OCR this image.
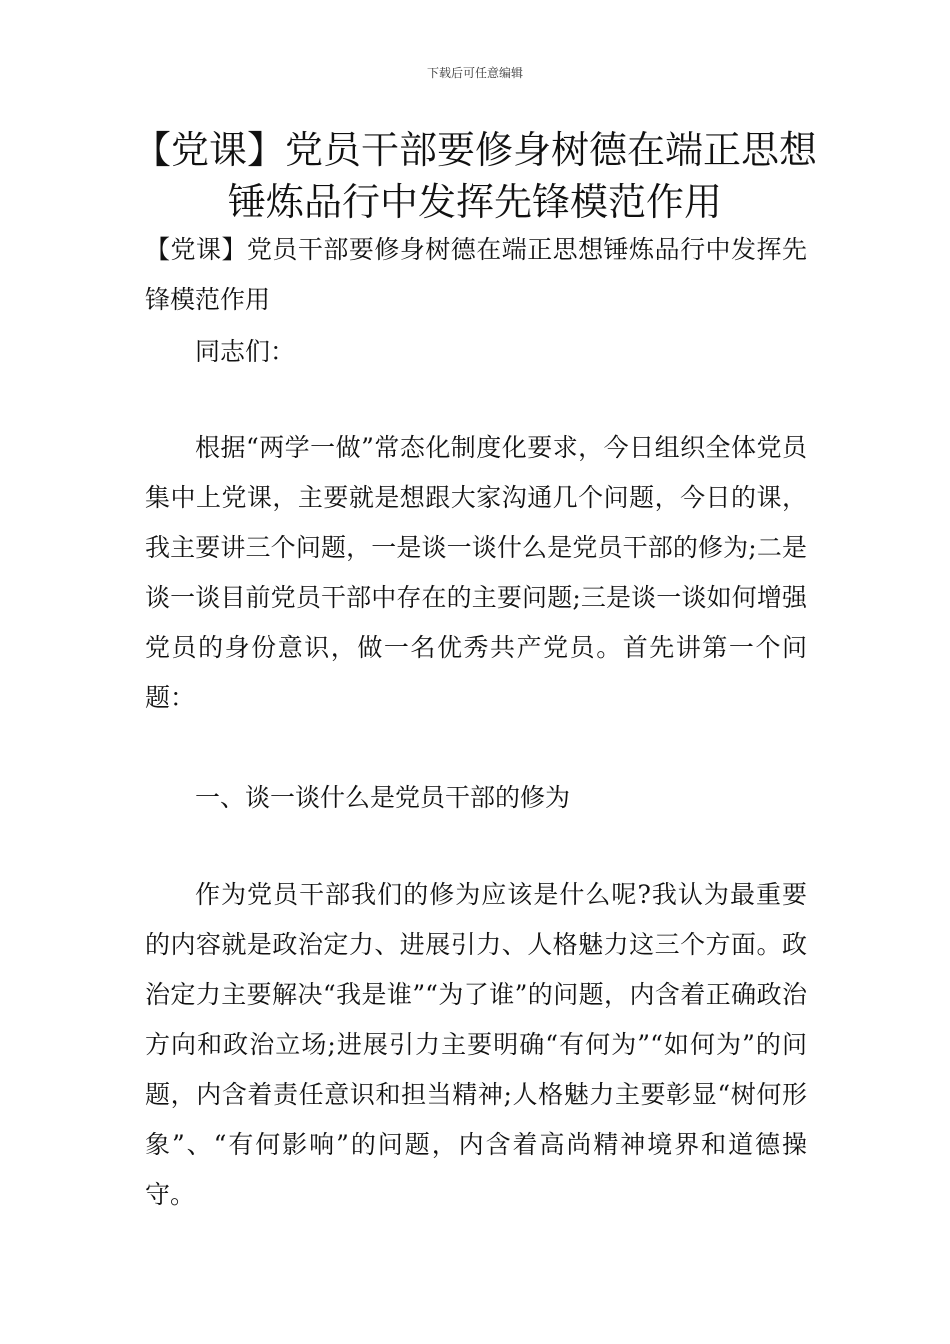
下载后可任意编辑
【党课】党员干部要修身树德在端正思想
锤炼品行中发挥先锋模范作用

【党课】党员干部要修身树德在端正思想锤炼品行中发挥先锋模范作用

同志们：

根据“两学一做”常态化制度化要求，今日组织全体党员集中上党课，主要就是想跟大家沟通几个问题，今日的课，我主要讲三个问题，一是谈一谈什么是党员干部的修为;二是谈一谈目前党员干部中存在的主要问题;三是谈一谈如何增强党员的身份意识，做一名优秀共产党员。首先讲第一个问题：

一、谈一谈什么是党员干部的修为

作为党员干部我们的修为应该是什么呢?我认为最重要的内容就是政治定力、进展引力、人格魅力这三个方面。政治定力主要解决“我是谁”“为了谁”的问题，内含着正确政治方向和政治立场;进展引力主要明确“有何为”“如何为”的问题，内含着责任意识和担当精神;人格魅力主要彰显“树何形象”、“有何影响”的问题，内含着高尚精神境界和道德操守。
